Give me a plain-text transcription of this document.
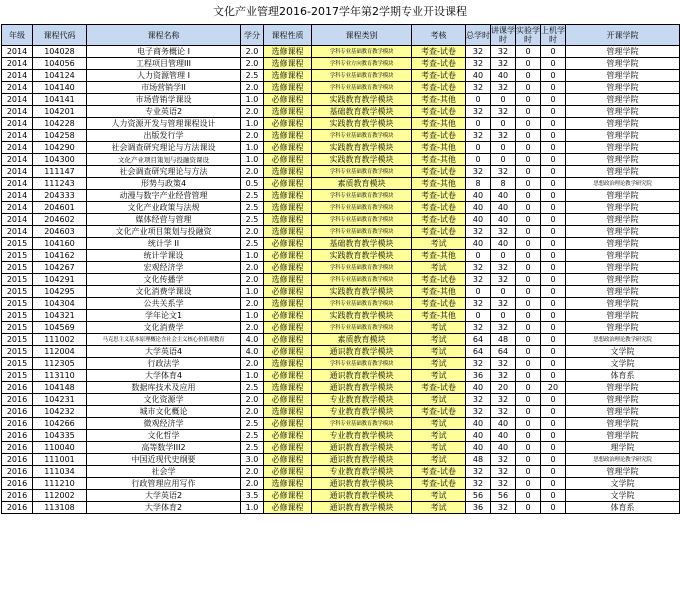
文化产业管理2016-2017学年第2学期专业开设课程
年级	课程代码	课程名称	学分	课程性质	课程类别	考核	总学时	讲课学时	实验学时	上机学时	开课学院
2014	104028	电子商务概论 I	2.0	选修课程	学科专业基础教育教学模块	考查-试卷	32	32	0	0	管理学院
2014	104056	工程项目管理III	2.0	选修课程	学科专业方向教育教学模块	考查-试卷	32	32	0	0	管理学院
2014	104124	人力资源管理 I	2.5	选修课程	学科专业基础教育教学模块	考查-试卷	40	40	0	0	管理学院
2014	104140	市场营销学II	2.0	选修课程	学科专业基础教育教学模块	考查-试卷	32	32	0	0	管理学院
2014	104141	市场营销学课设	1.0	必修课程	实践教育教学模块	考查-其他	0	0	0	0	管理学院
2014	104201	专业英语2	2.0	选修课程	基础教育教学模块	考查-试卷	32	32	0	0	管理学院
2014	104228	人力资源开发与管理课程设计	1.0	必修课程	实践教育教学模块	考查-其他	0	0	0	0	管理学院
2014	104258	出版发行学	2.0	选修课程	学科专业基础教育教学模块	考查-试卷	32	32	0	0	管理学院
2014	104290	社会调查研究理论与方法课设	1.0	必修课程	实践教育教学模块	考查-其他	0	0	0	0	管理学院
2014	104300	文化产业项目策划与投融资课设	1.0	必修课程	实践教育教学模块	考查-其他	0	0	0	0	管理学院
2014	111147	社会调查研究理论与方法	2.0	选修课程	学科专业基础教育教学模块	考查-试卷	32	32	0	0	管理学院
2014	111243	形势与政策4	0.5	必修课程	素质教育模块	考查-其他	8	8	0	0	思想政治理论教学研究院
2014	204333	动漫与数字产业经营管理	2.5	选修课程	学科专业基础教育教学模块	考查-试卷	40	40	0	0	管理学院
2014	204601	文化产业政策与法规	2.5	选修课程	学科专业基础教育教学模块	考查-试卷	40	40	0	0	管理学院
2014	204602	媒体经营与管理	2.5	选修课程	学科专业基础教育教学模块	考查-试卷	40	40	0	0	管理学院
2014	204603	文化产业项目策划与投融资	2.0	选修课程	学科专业基础教育教学模块	考查-试卷	32	32	0	0	管理学院
2015	104160	统计学 II	2.5	必修课程	基础教育教学模块	考试	40	40	0	0	管理学院
2015	104162	统计学课设	1.0	必修课程	实践教育教学模块	考查-其他	0	0	0	0	管理学院
2015	104267	宏观经济学	2.0	必修课程	学科专业基础教育教学模块	考试	32	32	0	0	管理学院
2015	104291	文化传播学	2.0	选修课程	学科专业基础教育教学模块	考查-试卷	32	32	0	0	管理学院
2015	104295	文化消费学课设	1.0	必修课程	实践教育教学模块	考查-其他	0	0	0	0	管理学院
2015	104304	公共关系学	2.0	选修课程	学科专业基础教育教学模块	考查-试卷	32	32	0	0	管理学院
2015	104321	学年论文1	1.0	必修课程	实践教育教学模块	考查-其他	0	0	0	0	管理学院
2015	104569	文化消费学	2.0	必修课程	学科专业基础教育教学模块	考试	32	32	0	0	管理学院
2015	111002	马克思主义基本原理概论含社会主义核心价值观教育	4.0	必修课程	素质教育模块	考试	64	48	0	0	思想政治理论教学研究院
2015	112004	大学英语4	4.0	必修课程	通识教育教学模块	考试	64	64	0	0	文学院
2015	112305	行政法学	2.0	选修课程	学科专业基础教育教学模块	考试	32	32	0	0	文学院
2015	113110	大学体育4	1.0	必修课程	通识教育教学模块	考试	36	32	0	0	体育系
2016	104148	数据库技术及应用	2.5	选修课程	通识教育教学模块	考查-试卷	40	20	0	20	管理学院
2016	104231	文化资源学	2.0	必修课程	专业教育教学模块	考试	32	32	0	0	管理学院
2016	104232	城市文化概论	2.0	选修课程	专业教育教学模块	考查-试卷	32	32	0	0	管理学院
2016	104266	微观经济学	2.5	必修课程	学科专业基础教育教学模块	考试	40	40	0	0	管理学院
2016	104335	文化哲学	2.5	必修课程	专业教育教学模块	考试	40	40	0	0	管理学院
2016	110040	高等数学III2	2.5	必修课程	通识教育教学模块	考试	40	40	0	0	理学院
2016	111001	中国近现代史纲要	3.0	必修课程	通识教育教学模块	考试	48	32	0	0	思想政治理论教学研究院
2016	111034	社会学	2.0	必修课程	专业教育教学模块	考查-试卷	32	32	0	0	管理学院
2016	111210	行政管理应用写作	2.0	选修课程	通识教育教学模块	考查-试卷	32	32	0	0	文学院
2016	112002	大学英语2	3.5	必修课程	通识教育教学模块	考试	56	56	0	0	文学院
2016	113108	大学体育2	1.0	必修课程	通识教育教学模块	考试	36	32	0	0	体育系
